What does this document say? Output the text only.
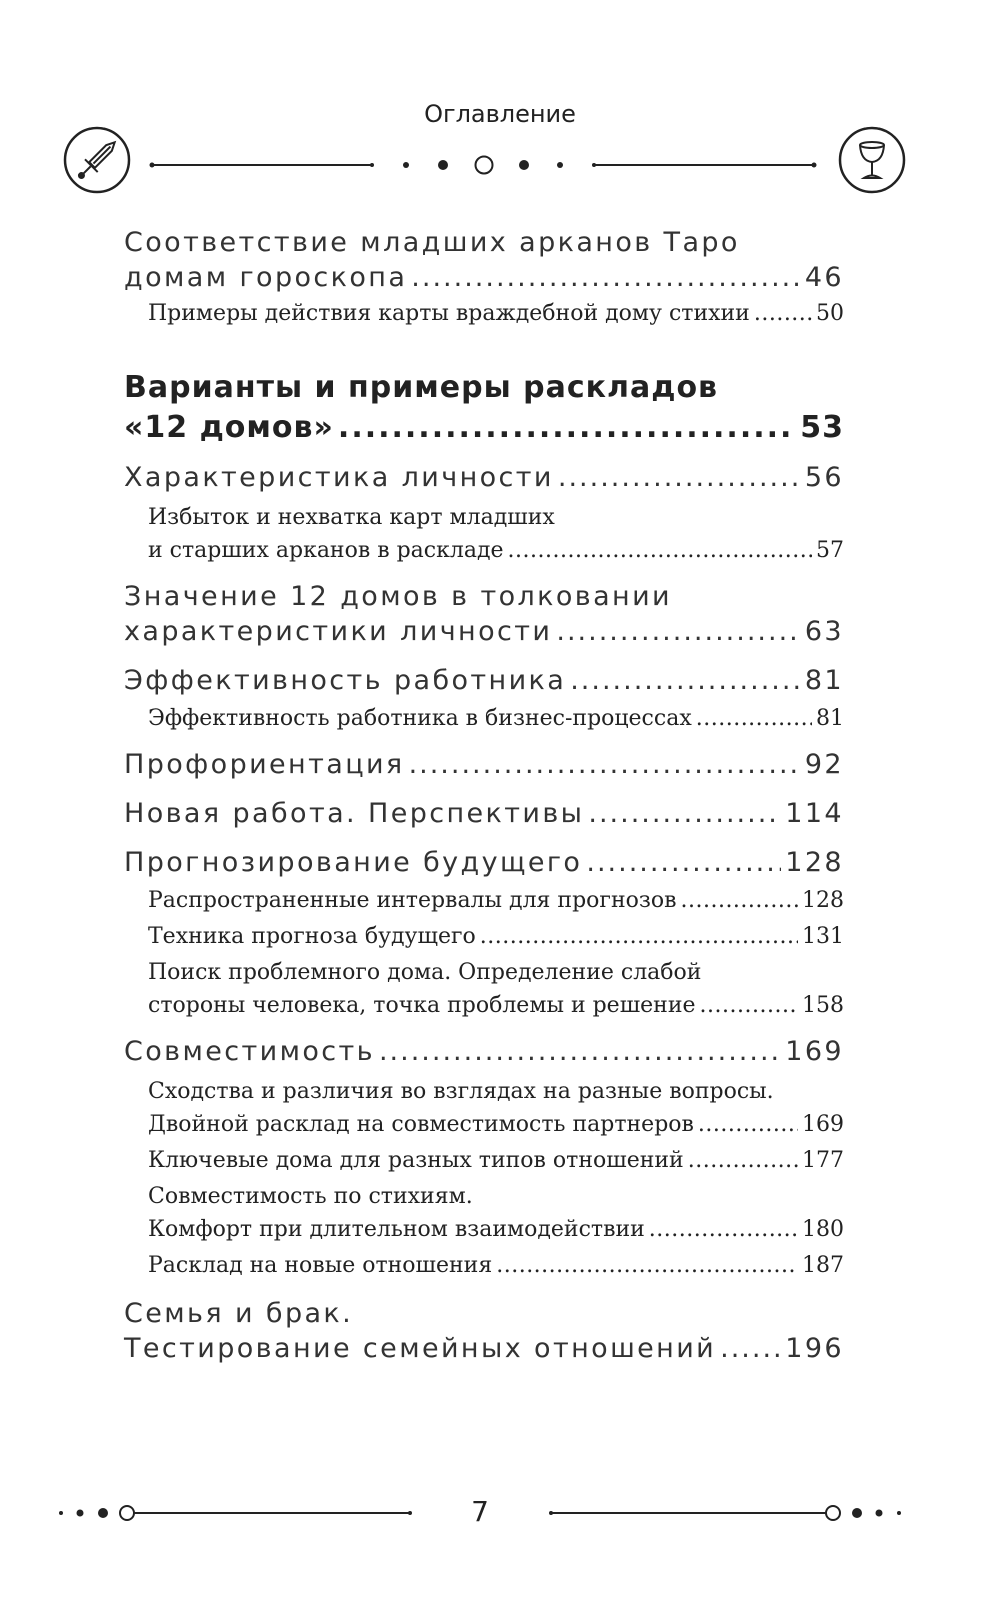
Оглавление
Соответствие младших арканов Таро
домам гороскопа .....	46
Примеры действия карты враждебной дому стихии .....	50
Варианты и примеры раскладов
«12 домов» .....	53
Характеристика личности .....	56
Избыток и нехватка карт младших
и старших арканов в раскладе .....	57
Значение 12 домов в толковании
характеристики личности .....	63
Эффективность работника .....	81
Эффективность работника в бизнес-процессах .....	81
Профориентация .....	92
Новая работа. Перспективы .....	114
Прогнозирование будущего .....	128
Распространенные интервалы для прогнозов .....	128
Техника прогноза будущего .....	131
Поиск проблемного дома. Определение слабой
стороны человека, точка проблемы и решение .....	158
Совместимость .....	169
Сходства и различия во взглядах на разные вопросы.
Двойной расклад на совместимость партнеров .....	169
Ключевые дома для разных типов отношений .....	177
Совместимость по стихиям.
Комфорт при длительном взаимодействии .....	180
Расклад на новые отношения .....	187
Семья и брак.
Тестирование семейных отношений .....	196
7
